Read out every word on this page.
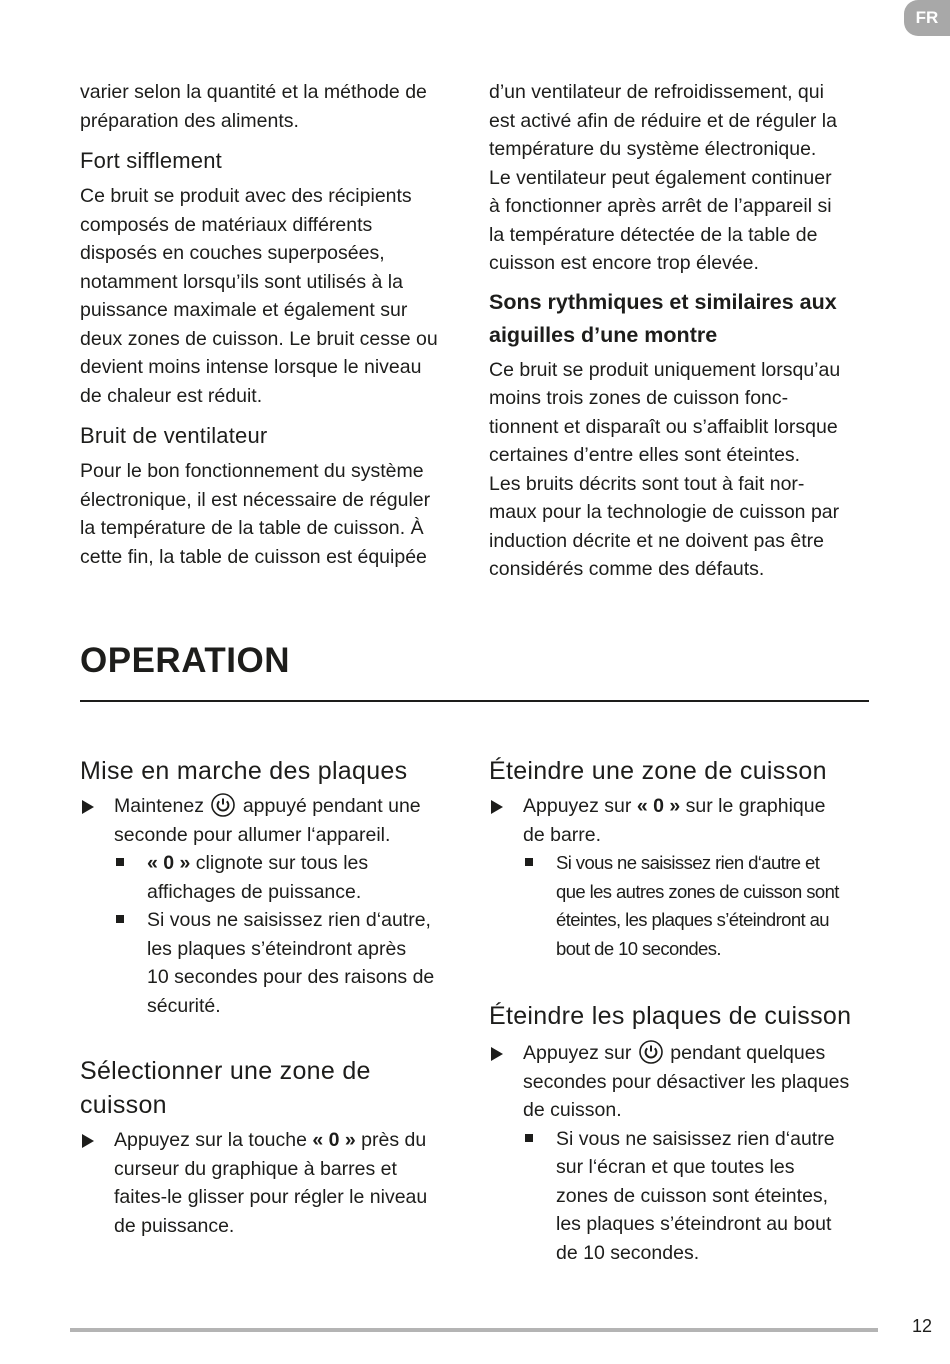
FR

varier selon la quantité et la méthode de
préparation des aliments.

Fort sifflement

Ce bruit se produit avec des récipients
composés de matériaux différents
disposés en couches superposées,
notamment lorsqu’ils sont utilisés à la
puissance maximale et également sur
deux zones de cuisson. Le bruit cesse ou
devient moins intense lorsque le niveau
de chaleur est réduit.

Bruit de ventilateur

Pour le bon fonctionnement du système
électronique, il est nécessaire de réguler
la température de la table de cuisson. À
cette fin, la table de cuisson est équipée

d’un ventilateur de refroidissement, qui
est activé afin de réduire et de réguler la
température du système électronique.
Le ventilateur peut également continuer
à fonctionner après arrêt de l’appareil si
la température détectée de la table de
cuisson est encore trop élevée.

Sons rythmiques et similaires aux
aiguilles d’une montre

Ce bruit se produit uniquement lorsqu’au
moins trois zones de cuisson fonc-
tionnent et disparaît ou s’affaiblit lorsque
certaines d’entre elles sont éteintes.
Les bruits décrits sont tout à fait nor-
maux pour la technologie de cuisson par
induction décrite et ne doivent pas être
considérés comme des défauts.

OPERATION
Mise en marche des plaques
Maintenez appuyé pendant une
seconde pour allumer l‘appareil.
« 0 » clignote sur tous les
affichages de puissance.
Si vous ne saisissez rien d‘autre,
les plaques s’éteindront après
10 secondes pour des raisons de
sécurité.
Sélectionner une zone de
cuisson
Appuyez sur la touche « 0 » près du
curseur du graphique à barres et
faites-le glisser pour régler le niveau
de puissance.
Éteindre une zone de cuisson
Appuyez sur « 0 » sur le graphique
de barre.
Si vous ne saisissez rien d‘autre et
que les autres zones de cuisson sont
éteintes, les plaques s’éteindront au
bout de 10 secondes.
Éteindre les plaques de cuisson
Appuyez sur pendant quelques
secondes pour désactiver les plaques
de cuisson.
Si vous ne saisissez rien d‘autre
sur l‘écran et que toutes les
zones de cuisson sont éteintes,
les plaques s’éteindront au bout
de 10 secondes.
12
